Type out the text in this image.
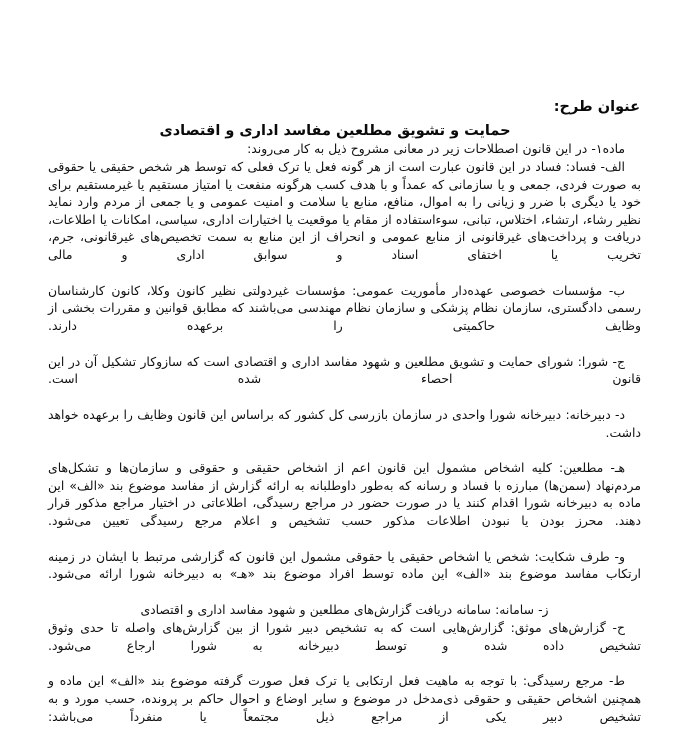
عنوان طرح:
حمایت و تشویق مطلعین مفاسد اداری و اقتصادی

ماده۱- در این قانون اصطلاحات زیر در معانی مشروح ذیل به کار می‌روند:

الف- فساد: فساد در این قانون عبارت است از هر گونه فعل یا ترک فعلی که توسط هر شخص حقیقی یا حقوقی به صورت فردی، جمعی و یا سازمانی که عمداً و با هدف کسب هرگونه منفعت یا امتیاز مستقیم یا غیرمستقیم برای خود یا دیگری با ضرر و زیانی را به اموال، منافع، منابع یا سلامت و امنیت عمومی و یا جمعی از مردم وارد نماید نظیر رشاء، ارتشاء، اختلاس، تبانی، سوءاستفاده از مقام یا موقعیت یا اختیارات اداری، سیاسی، امکانات یا اطلاعات، دریافت و پرداخت‌های غیرقانونی از منابع عمومی و انحراف از این منابع به سمت تخصیص‌های غیرقانونی، جرم، تخریب یا اختفای اسناد و سوابق اداری و مالی

ب- مؤسسات خصوصی عهده‌دار مأموریت عمومی: مؤسسات غیردولتی نظیر کانون وکلا، کانون کارشناسان رسمی دادگستری، سازمان نظام پزشکی و سازمان نظام مهندسی می‌باشند که مطابق قوانین و مقررات بخشی از وظایف حاکمیتی را برعهده دارند.

ج- شورا: شورای حمایت و تشویق مطلعین و شهود مفاسد اداری و اقتصادی است که سازوکار تشکیل آن در این قانون احصاء شده است.

د- دبیرخانه: دبیرخانه شورا واحدی در سازمان بازرسی کل کشور که براساس این قانون وظایف را برعهده خواهد داشت.

هـ- مطلعین: کلیه اشخاص مشمول این قانون اعم از اشخاص حقیقی و حقوقی و سازمان‌ها و تشکل‌های مردم‌نهاد (سمن‌ها) مبارزه با فساد و رسانه که به‌طور داوطلبانه به ارائه گزارش از مفاسد موضوع بند «الف» این ماده به دبیرخانه شورا اقدام کنند یا در صورت حضور در مراجع رسیدگی، اطلاعاتی در اختیار مراجع مذکور قرار دهند. محرز بودن یا نبودن اطلاعات مذکور حسب تشخیص و اعلام مرجع رسیدگی تعیین می‌شود.

و- طرف شکایت: شخص یا اشخاص حقیقی یا حقوقی مشمول این قانون که گزارشی مرتبط با ایشان در زمینه ارتکاب مفاسد موضوع بند «الف» این ماده توسط افراد موضوع بند «هـ» به دبیرخانه شورا ارائه می‌شود.

ز- سامانه: سامانه دریافت گزارش‌های مطلعین و شهود مفاسد اداری و اقتصادی

ح- گزارش‌های موثق: گزارش‌هایی است که به تشخیص دبیر شورا از بین گزارش‌های واصله تا حدی وثوق تشخیص داده شده و توسط دبیرخانه به شورا ارجاع می‌شود.

ط- مرجع رسیدگی: با توجه به ماهیت فعل ارتکابی یا ترک فعل صورت گرفته موضوع بند «الف» این ماده و همچنین اشخاص حقیقی و حقوقی ذی‌مدخل در موضوع و سایر اوضاع و احوال حاکم بر پرونده، حسب مورد و به تشخیص دبیر یکی از مراجع ذیل مجتمعاً یا منفرداً می‌باشد:
